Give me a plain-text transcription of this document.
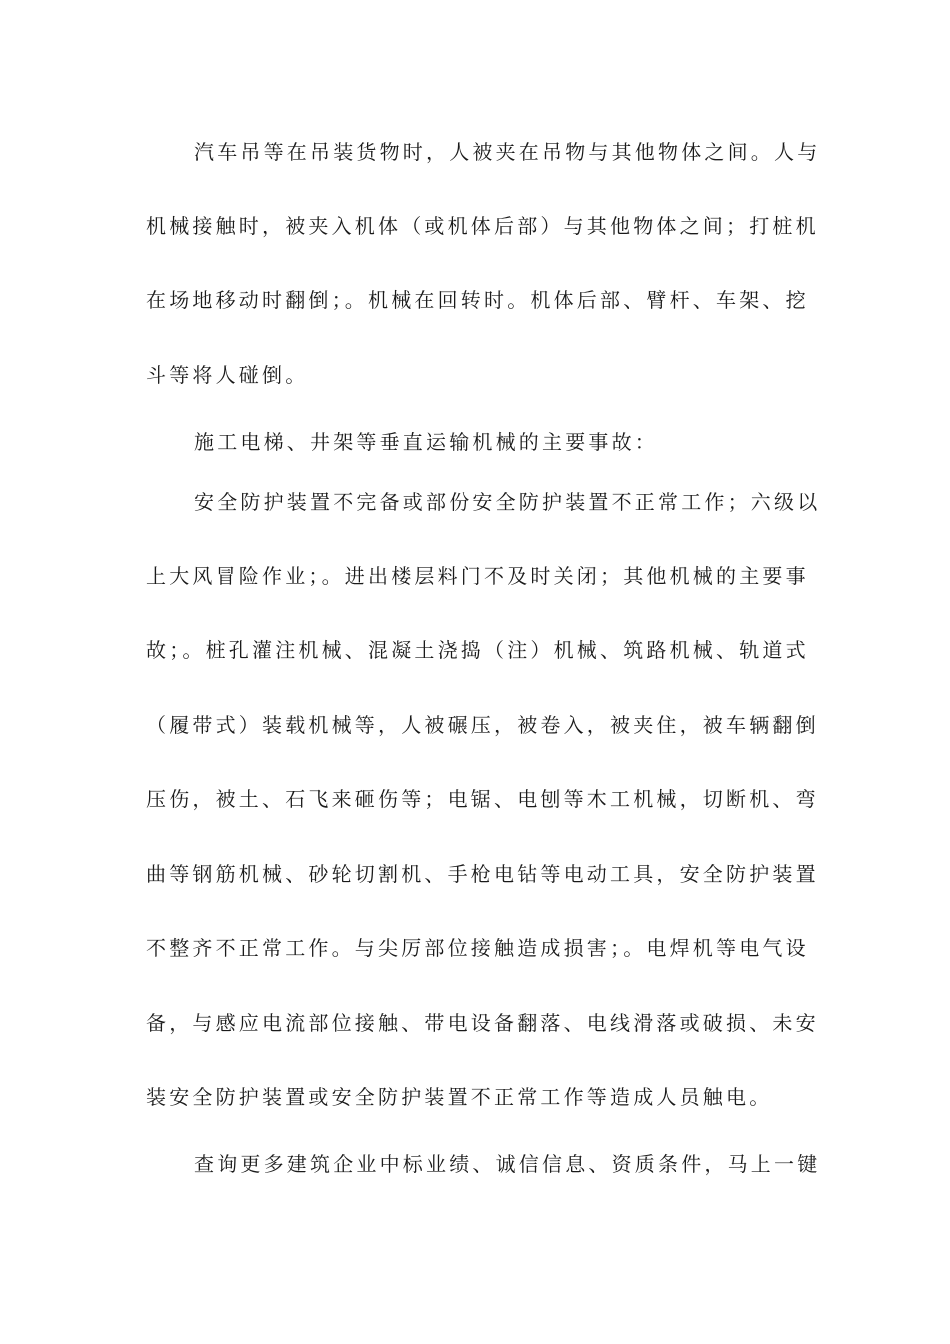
汽车吊等在吊装货物时，人被夹在吊物与其他物体之间。人与
机械接触时，被夹入机体（或机体后部）与其他物体之间；打桩机
在场地移动时翻倒；。机械在回转时。机体后部、臂杆、车架、挖
斗等将人碰倒。
施工电梯、井架等垂直运输机械的主要事故：
安全防护装置不完备或部份安全防护装置不正常工作；六级以
上大风冒险作业；。进出楼层料门不及时关闭；其他机械的主要事
故；。桩孔灌注机械、混凝土浇捣（注）机械、筑路机械、轨道式
（履带式）装载机械等，人被碾压，被卷入，被夹住，被车辆翻倒
压伤，被土、石飞来砸伤等；电锯、电刨等木工机械，切断机、弯
曲等钢筋机械、砂轮切割机、手枪电钻等电动工具，安全防护装置
不整齐不正常工作。与尖厉部位接触造成损害；。电焊机等电气设
备，与感应电流部位接触、带电设备翻落、电线滑落或破损、未安
装安全防护装置或安全防护装置不正常工作等造成人员触电。
查询更多建筑企业中标业绩、诚信信息、资质条件，马上一键
